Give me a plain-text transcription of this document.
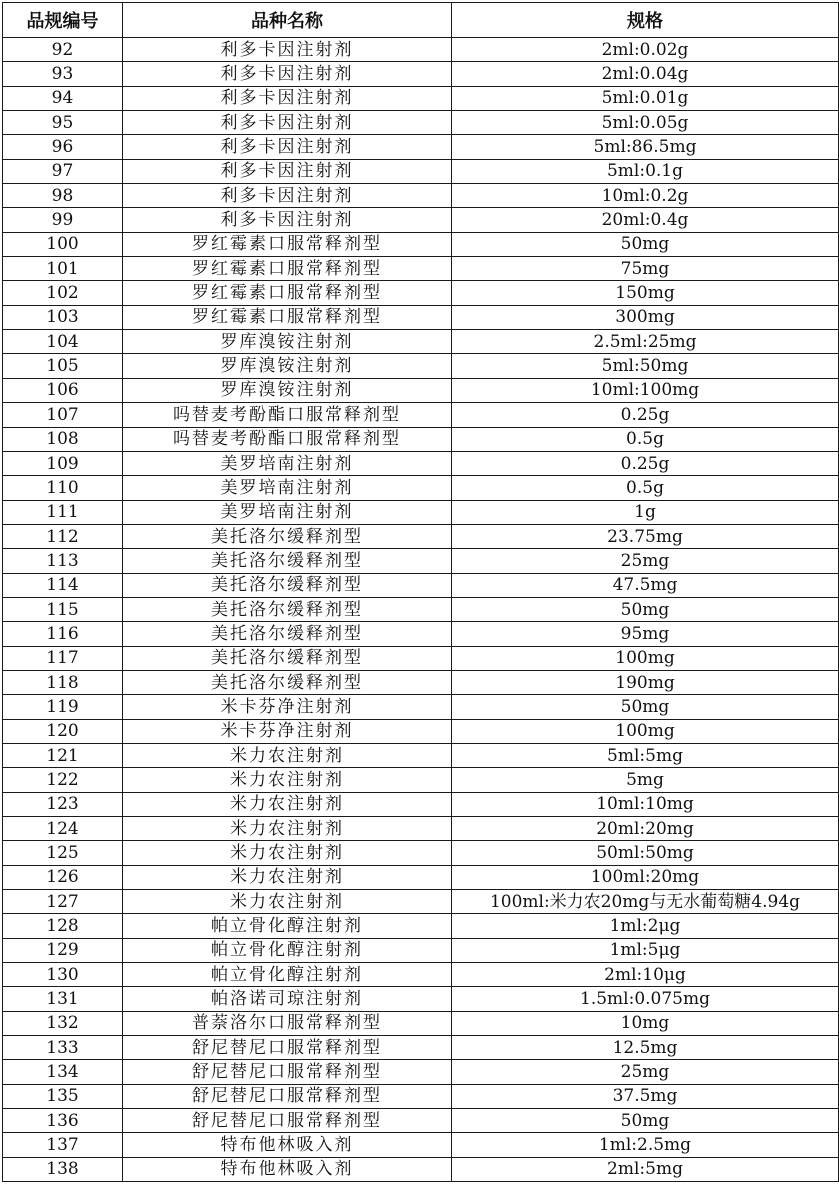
品规编号	品种名称	规格
92	利多卡因注射剂	2ml:0.02g
93	利多卡因注射剂	2ml:0.04g
94	利多卡因注射剂	5ml:0.01g
95	利多卡因注射剂	5ml:0.05g
96	利多卡因注射剂	5ml:86.5mg
97	利多卡因注射剂	5ml:0.1g
98	利多卡因注射剂	10ml:0.2g
99	利多卡因注射剂	20ml:0.4g
100	罗红霉素口服常释剂型	50mg
101	罗红霉素口服常释剂型	75mg
102	罗红霉素口服常释剂型	150mg
103	罗红霉素口服常释剂型	300mg
104	罗库溴铵注射剂	2.5ml:25mg
105	罗库溴铵注射剂	5ml:50mg
106	罗库溴铵注射剂	10ml:100mg
107	吗替麦考酚酯口服常释剂型	0.25g
108	吗替麦考酚酯口服常释剂型	0.5g
109	美罗培南注射剂	0.25g
110	美罗培南注射剂	0.5g
111	美罗培南注射剂	1g
112	美托洛尔缓释剂型	23.75mg
113	美托洛尔缓释剂型	25mg
114	美托洛尔缓释剂型	47.5mg
115	美托洛尔缓释剂型	50mg
116	美托洛尔缓释剂型	95mg
117	美托洛尔缓释剂型	100mg
118	美托洛尔缓释剂型	190mg
119	米卡芬净注射剂	50mg
120	米卡芬净注射剂	100mg
121	米力农注射剂	5ml:5mg
122	米力农注射剂	5mg
123	米力农注射剂	10ml:10mg
124	米力农注射剂	20ml:20mg
125	米力农注射剂	50ml:50mg
126	米力农注射剂	100ml:20mg
127	米力农注射剂	100ml:米力农20mg与无水葡萄糖4.94g
128	帕立骨化醇注射剂	1ml:2μg
129	帕立骨化醇注射剂	1ml:5μg
130	帕立骨化醇注射剂	2ml:10μg
131	帕洛诺司琼注射剂	1.5ml:0.075mg
132	普萘洛尔口服常释剂型	10mg
133	舒尼替尼口服常释剂型	12.5mg
134	舒尼替尼口服常释剂型	25mg
135	舒尼替尼口服常释剂型	37.5mg
136	舒尼替尼口服常释剂型	50mg
137	特布他林吸入剂	1ml:2.5mg
138	特布他林吸入剂	2ml:5mg
